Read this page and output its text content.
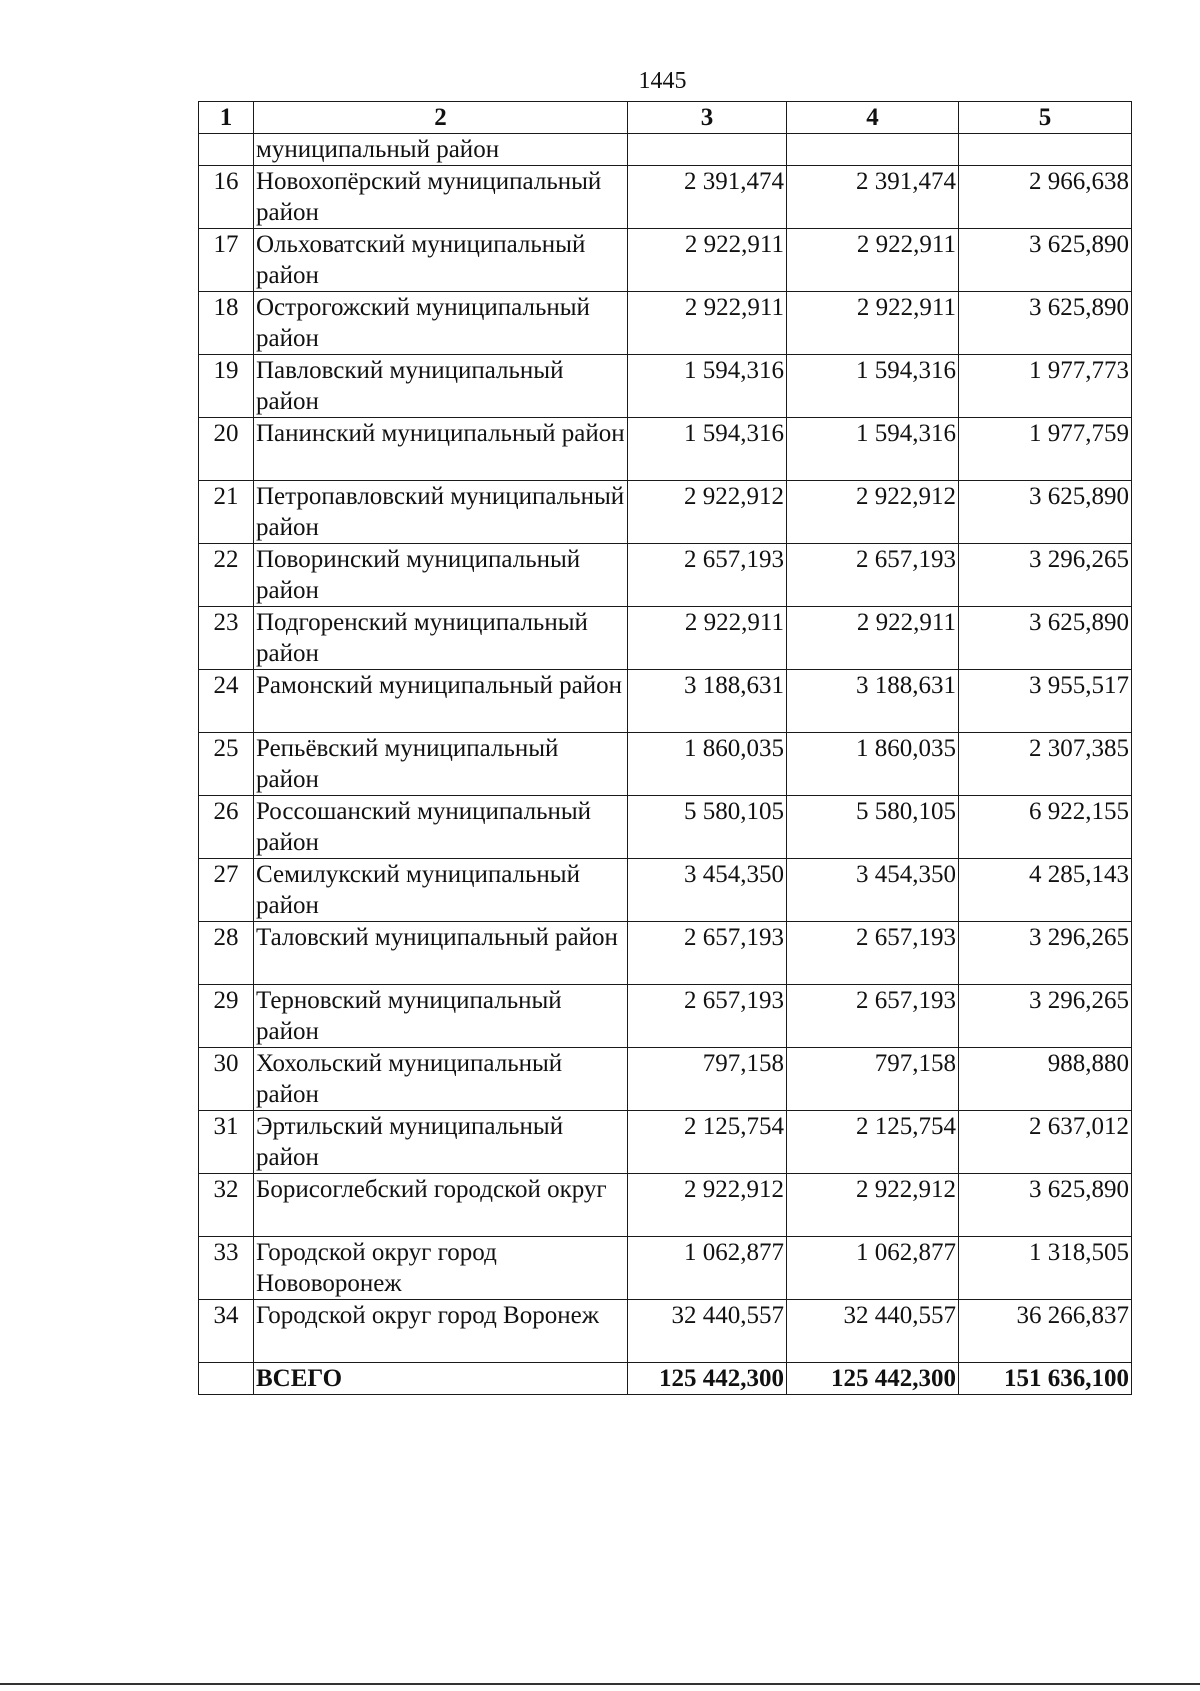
1445
1	2	3	4	5
	муниципальный район			
16	Новохопёрский муниципальный район	2 391,474	2 391,474	2 966,638
17	Ольховатский муниципальный район	2 922,911	2 922,911	3 625,890
18	Острогожский муниципальный район	2 922,911	2 922,911	3 625,890
19	Павловский муниципальный район	1 594,316	1 594,316	1 977,773
20	Панинский муниципальный район	1 594,316	1 594,316	1 977,759
21	Петропавловский муниципальный район	2 922,912	2 922,912	3 625,890
22	Поворинский муниципальный район	2 657,193	2 657,193	3 296,265
23	Подгоренский муниципальный район	2 922,911	2 922,911	3 625,890
24	Рамонский муниципальный район	3 188,631	3 188,631	3 955,517
25	Репьёвский муниципальный район	1 860,035	1 860,035	2 307,385
26	Россошанский муниципальный район	5 580,105	5 580,105	6 922,155
27	Семилукский муниципальный район	3 454,350	3 454,350	4 285,143
28	Таловский муниципальный район	2 657,193	2 657,193	3 296,265
29	Терновский муниципальный район	2 657,193	2 657,193	3 296,265
30	Хохольский муниципальный район	797,158	797,158	988,880
31	Эртильский муниципальный район	2 125,754	2 125,754	2 637,012
32	Борисоглебский городской округ	2 922,912	2 922,912	3 625,890
33	Городской округ город Нововоронеж	1 062,877	1 062,877	1 318,505
34	Городской округ город Воронеж	32 440,557	32 440,557	36 266,837
	ВСЕГО	125 442,300	125 442,300	151 636,100
